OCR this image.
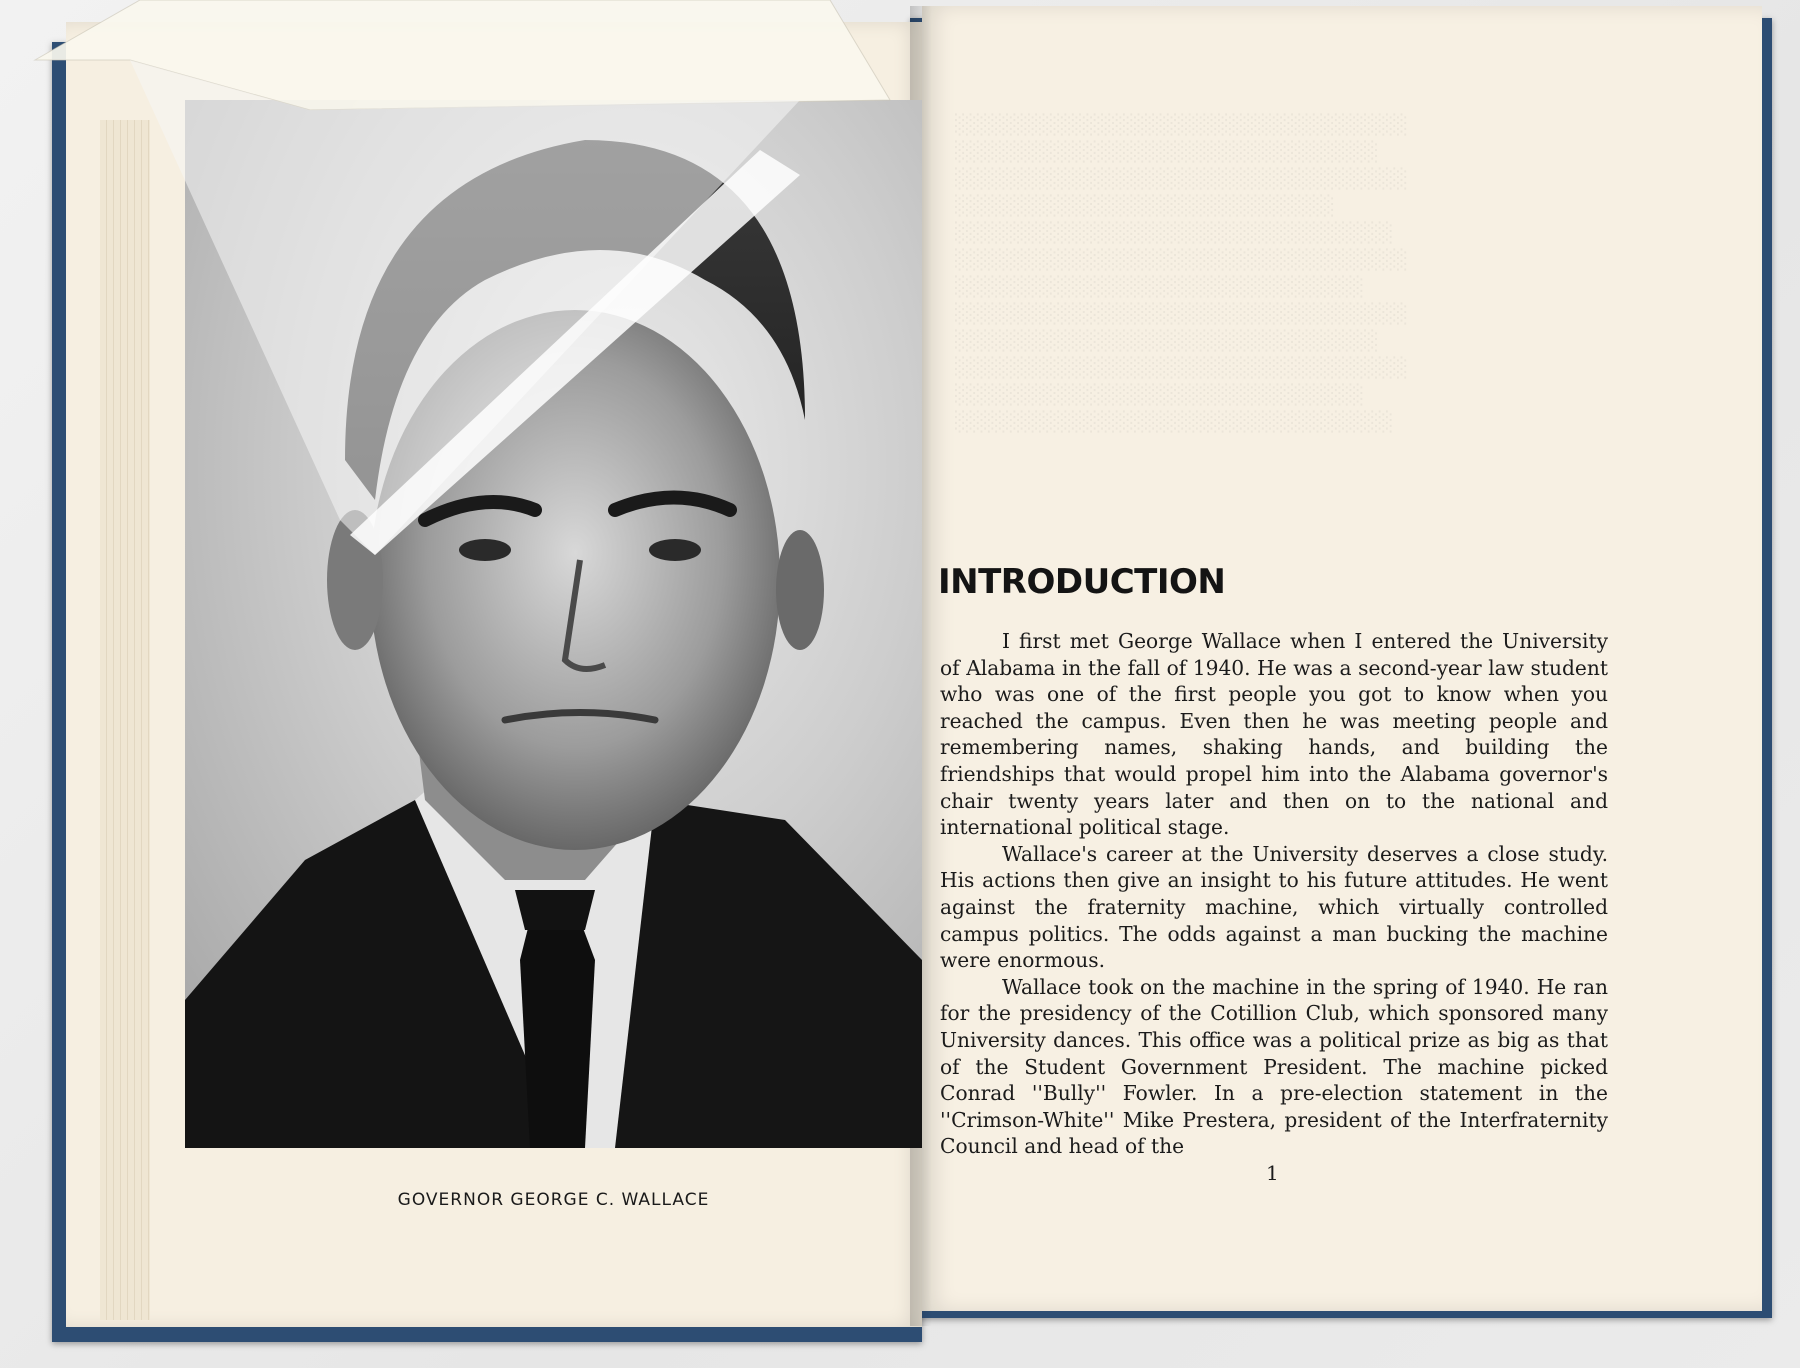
░░░░░░░░░░░░░░░░░░░░░░░░░░░░░░░
░░░░░░░░░░░░░░░░░░░░░░░░░░░░░
░░░░░░░░░░░░░░░░░░░░░░░░░░░░░░░
░░░░░░░░░░░░░░░░░░░░░░░░░░
░░░░░░░░░░░░░░░░░░░░░░░░░░░░░░
░░░░░░░░░░░░░░░░░░░░░░░░░░░░░░░
░░░░░░░░░░░░░░░░░░░░░░░░░░░░
░░░░░░░░░░░░░░░░░░░░░░░░░░░░░░░
░░░░░░░░░░░░░░░░░░░░░░░░░░░░░
░░░░░░░░░░░░░░░░░░░░░░░░░░░░░░░
░░░░░░░░░░░░░░░░░░░░░░░░░░░░
░░░░░░░░░░░░░░░░░░░░░░░░░░░░░░
GOVERNOR GEORGE C. WALLACE
INTRODUCTION

I first met George Wallace when I entered the University of Alabama in the fall of 1940. He was a second-year law student who was one of the first people you got to know when you reached the campus. Even then he was meeting people and remembering names, shaking hands, and building the friendships that would propel him into the Alabama governor's chair twenty years later and then on to the national and international political stage.

Wallace's career at the University deserves a close study. His actions then give an insight to his future attitudes. He went against the fraternity machine, which virtually controlled campus politics. The odds against a man bucking the machine were enormous.

Wallace took on the machine in the spring of 1940. He ran for the presidency of the Cotillion Club, which sponsored many University dances. This office was a political prize as big as that of the Student Government President. The machine picked Conrad ''Bully'' Fowler. In a pre-election statement in the ''Crimson-White'' Mike Prestera, president of the Interfraternity Council and head of the

1
